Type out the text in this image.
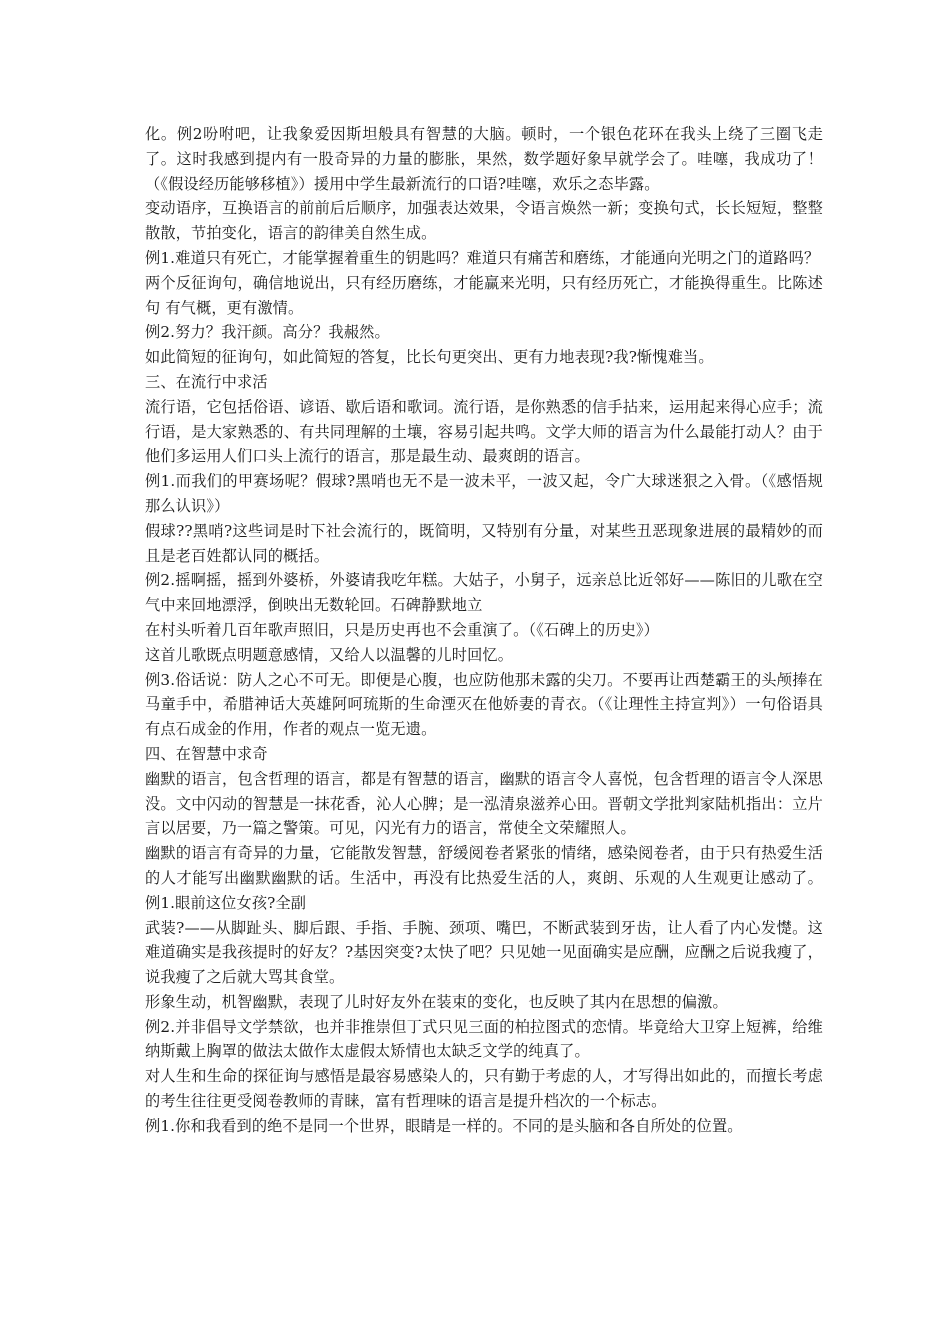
化。例2吩咐吧，让我象爱因斯坦般具有智慧的大脑。顿时，一个银色花环在我头上绕了三圈飞走了。这时我感到提内有一股奇异的力量的膨胀，果然，数学题好象早就学会了。哇噻，我成功了！（《假设经历能够移植》）援用中学生最新流行的口语?哇噻，欢乐之态毕露。

变动语序，互换语言的前前后后顺序，加强表达效果，令语言焕然一新；变换句式，长长短短，整整散散，节拍变化，语言的韵律美自然生成。

例1.难道只有死亡，才能掌握着重生的钥匙吗？难道只有痛苦和磨练，才能通向光明之门的道路吗？

两个反征询句，确信地说出，只有经历磨练，才能赢来光明，只有经历死亡，才能换得重生。比陈述句 有气概，更有激情。

例2.努力？我汗颜。高分？我赧然。

如此简短的征询句，如此简短的答复，比长句更突出、更有力地表现?我?惭愧难当。

三、在流行中求活

流行语，它包括俗语、谚语、歇后语和歌词。流行语，是你熟悉的信手拈来，运用起来得心应手；流行语，是大家熟悉的、有共同理解的土壤，容易引起共鸣。文学大师的语言为什么最能打动人？由于他们多运用人们口头上流行的语言，那是最生动、最爽朗的语言。

例1.而我们的甲赛场呢？假球?黑哨也无不是一波未平，一波又起，令广大球迷狠之入骨。（《感悟规那么认识》）

假球??黑哨?这些词是时下社会流行的，既简明，又特别有分量，对某些丑恶现象进展的最精妙的而且是老百姓都认同的概括。

例2.摇啊摇，摇到外婆桥，外婆请我吃年糕。大姑子，小舅子，远亲总比近邻好——陈旧的儿歌在空气中来回地漂浮，倒映出无数轮回。石碑静默地立

在村头听着几百年歌声照旧，只是历史再也不会重演了。（《石碑上的历史》）

这首儿歌既点明题意感情，又给人以温馨的儿时回忆。

例3.俗话说：防人之心不可无。即便是心腹，也应防他那未露的尖刀。不要再让西楚霸王的头颅捧在马童手中，希腊神话大英雄阿呵琉斯的生命湮灭在他娇妻的青衣。（《让理性主持宣判》）一句俗语具有点石成金的作用，作者的观点一览无遗。

四、在智慧中求奇

幽默的语言，包含哲理的语言，都是有智慧的语言，幽默的语言令人喜悦，包含哲理的语言令人深思没。文中闪动的智慧是一抹花香，沁人心脾；是一泓清泉滋养心田。晋朝文学批判家陆机指出：立片言以居要，乃一篇之警策。可见，闪光有力的语言，常使全文荣耀照人。

幽默的语言有奇异的力量，它能散发智慧，舒缓阅卷者紧张的情绪，感染阅卷者，由于只有热爱生活的人才能写出幽默幽默的话。生活中，再没有比热爱生活的人，爽朗、乐观的人生观更让感动了。 例1.眼前这位女孩?全副

武装?——从脚趾头、脚后跟、手指、手腕、颈项、嘴巴，不断武装到牙齿，让人看了内心发憷。这难道确实是我孩提时的好友？?基因突变?太快了吧？只见她一见面确实是应酬，应酬之后说我瘦了，说我瘦了之后就大骂其食堂。

形象生动，机智幽默，表现了儿时好友外在装束的变化，也反映了其内在思想的偏激。

例2.并非倡导文学禁欲，也并非推崇但丁式只见三面的柏拉图式的恋情。毕竟给大卫穿上短裤，给维纳斯戴上胸罩的做法太做作太虚假太矫情也太缺乏文学的纯真了。

对人生和生命的探征询与感悟是最容易感染人的，只有勤于考虑的人，才写得出如此的，而擅长考虑的考生往往更受阅卷教师的青睐，富有哲理味的语言是提升档次的一个标志。

例1.你和我看到的绝不是同一个世界，眼睛是一样的。不同的是头脑和各自所处的位置。
